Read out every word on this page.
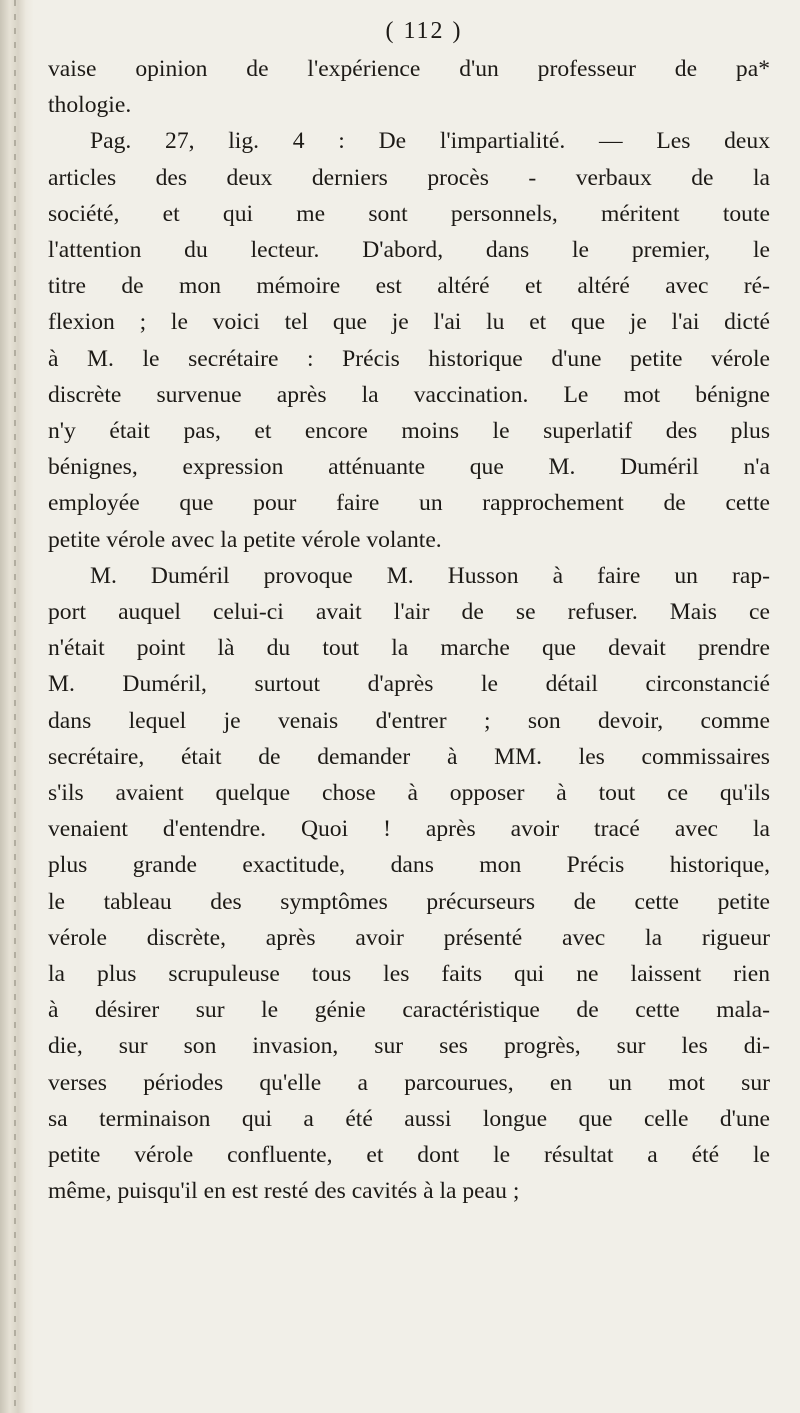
( 112 )

vaise opinion de l'expérience d'un professeur de pa*
thologie.

Pag. 27, lig. 4 : De l'impartialité. — Les deux
articles des deux derniers procès - verbaux de la
société, et qui me sont personnels, méritent toute
l'attention du lecteur. D'abord, dans le premier, le
titre de mon mémoire est altéré et altéré avec ré-
flexion ; le voici tel que je l'ai lu et que je l'ai dicté
à M. le secrétaire : Précis historique d'une petite vérole
discrète survenue après la vaccination. Le mot bénigne
n'y était pas, et encore moins le superlatif des plus
bénignes, expression atténuante que M. Duméril n'a
employée que pour faire un rapprochement de cette
petite vérole avec la petite vérole volante.

M. Duméril provoque M. Husson à faire un rap-
port auquel celui-ci avait l'air de se refuser. Mais ce
n'était point là du tout la marche que devait prendre
M. Duméril, surtout d'après le détail circonstancié
dans lequel je venais d'entrer ; son devoir, comme
secrétaire, était de demander à MM. les commissaires
s'ils avaient quelque chose à opposer à tout ce qu'ils
venaient d'entendre. Quoi ! après avoir tracé avec la
plus grande exactitude, dans mon Précis historique,
le tableau des symptômes précurseurs de cette petite
vérole discrète, après avoir présenté avec la rigueur
la plus scrupuleuse tous les faits qui ne laissent rien
à désirer sur le génie caractéristique de cette mala-
die, sur son invasion, sur ses progrès, sur les di-
verses périodes qu'elle a parcourues, en un mot sur
sa terminaison qui a été aussi longue que celle d'une
petite vérole confluente, et dont le résultat a été le
même, puisqu'il en est resté des cavités à la peau ;
